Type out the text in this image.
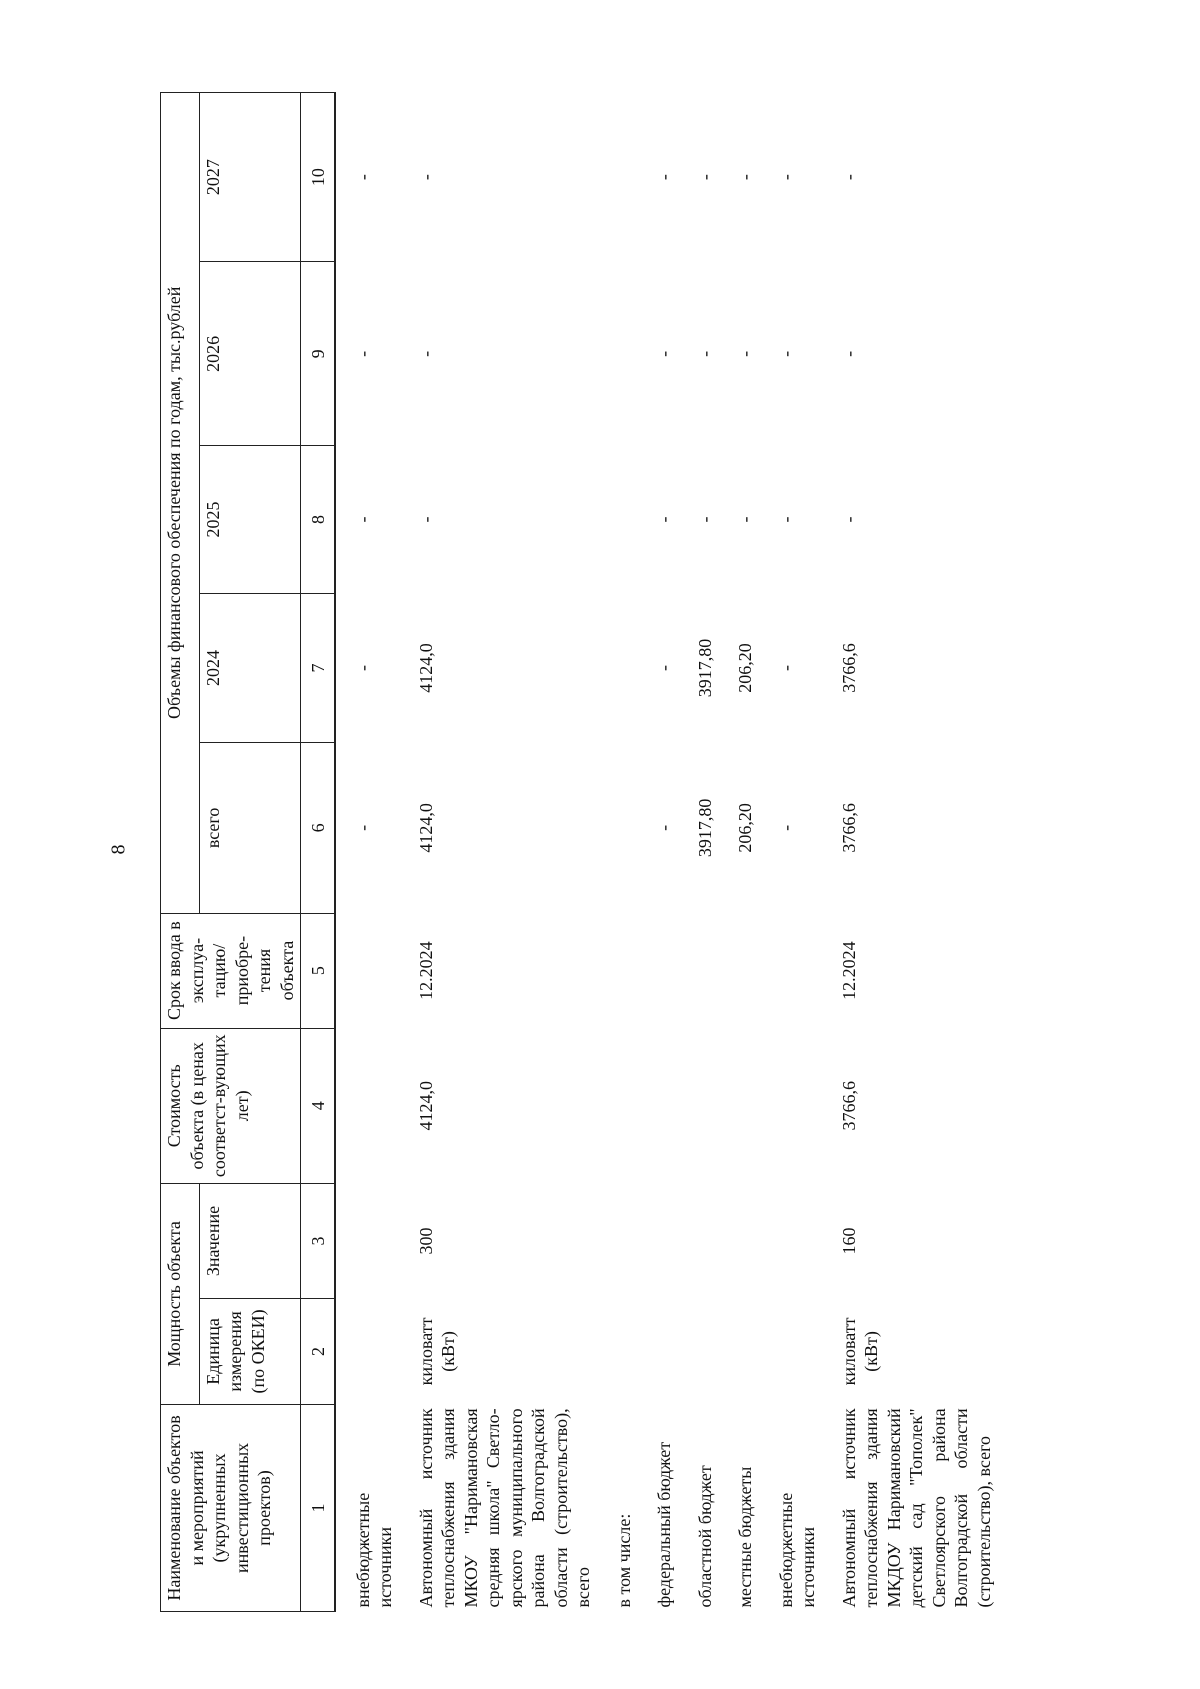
8
Наименование объектов и мероприятий (укрупненных инвестиционных проектов)	Мощность объекта		Стоимость объекта (в ценах соответст-вующих лет)	Срок ввода в эксплуа-тацию/ приобре-тения объекта	Объемы финансового обеспечения по годам, тыс.рублей				
	Единица измерения (по ОКЕИ)	Значение			всего	2024	2025	2026	2027
1	2	3	4	5	6	7	8	9	10

внебюджетные источники					-	-	-	-	-

Автономный источник теплоснабжения здания МКОУ "Наримановская средняя школа" Светло-ярского муниципального района Волгоградской области (строительство), всего	киловатт (кВт)	300	4124,0	12.2024	4124,0	4124,0	-	-	-

в том числе:									

федеральный бюджет					-	-	-	-	-

областной бюджет					3917,80	3917,80	-	-	-

местные бюджеты					206,20	206,20	-	-	-

внебюджетные источники					-	-	-	-	-

Автономный источник теплоснабжения здания МКДОУ Наримановский детский сад "Тополек" Светлоярского района Волгоградской области (строительство), всего	киловатт (кВт)	160	3766,6	12.2024	3766,6	3766,6	-	-	-
